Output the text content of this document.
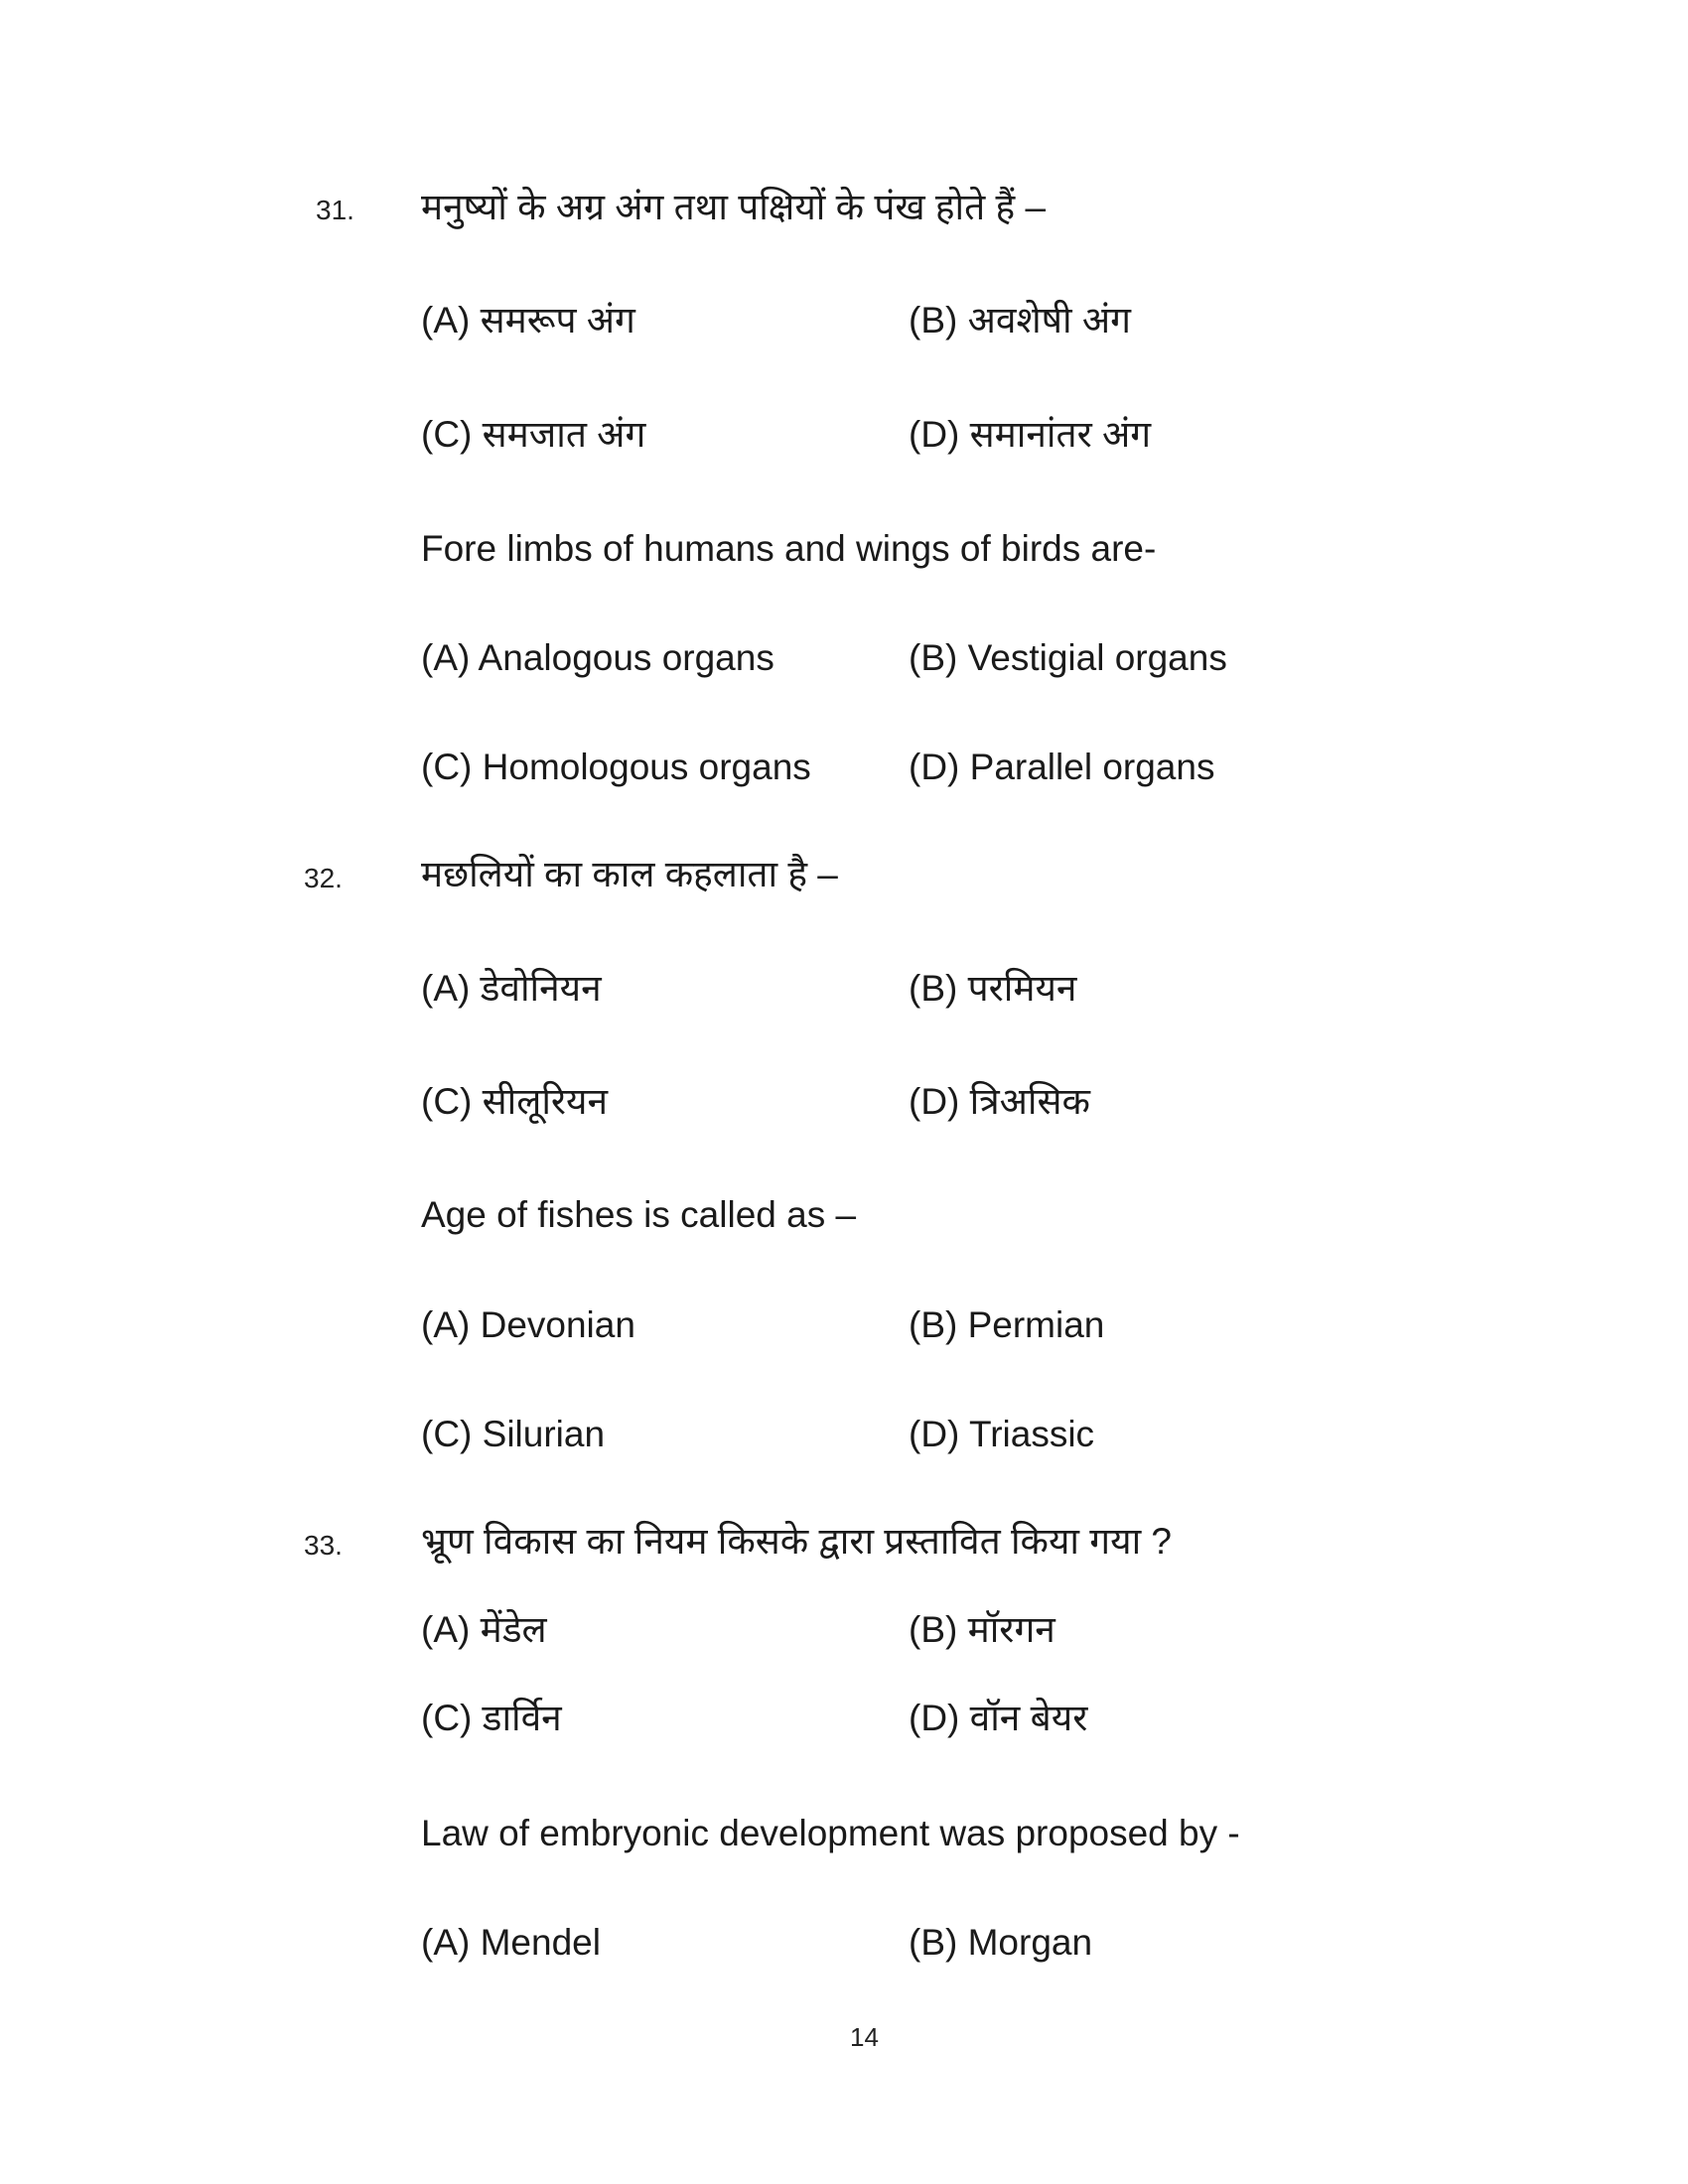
31. मनुष्यों के अग्र अंग तथा पक्षियों के पंख होते हैं –
(A) समरूप अंग	(B) अवशेषी अंग
(C) समजात अंग	(D) समानांतर अंग
Fore limbs of humans and wings of birds are-
(A) Analogous organs	(B) Vestigial organs
(C) Homologous organs	(D) Parallel organs
32. मछलियों का काल कहलाता है –
(A) डेवोनियन	(B) परमियन
(C) सीलूरियन	(D) त्रिअसिक
Age of fishes is called as –
(A) Devonian	(B) Permian
(C) Silurian	(D) Triassic
33. भ्रूण विकास का नियम किसके द्वारा प्रस्तावित किया गया ?
(A) मेंडेल	(B) मॉरगन
(C) डार्विन	(D) वॉन बेयर
Law of embryonic development was proposed by -
(A) Mendel	(B) Morgan
14
